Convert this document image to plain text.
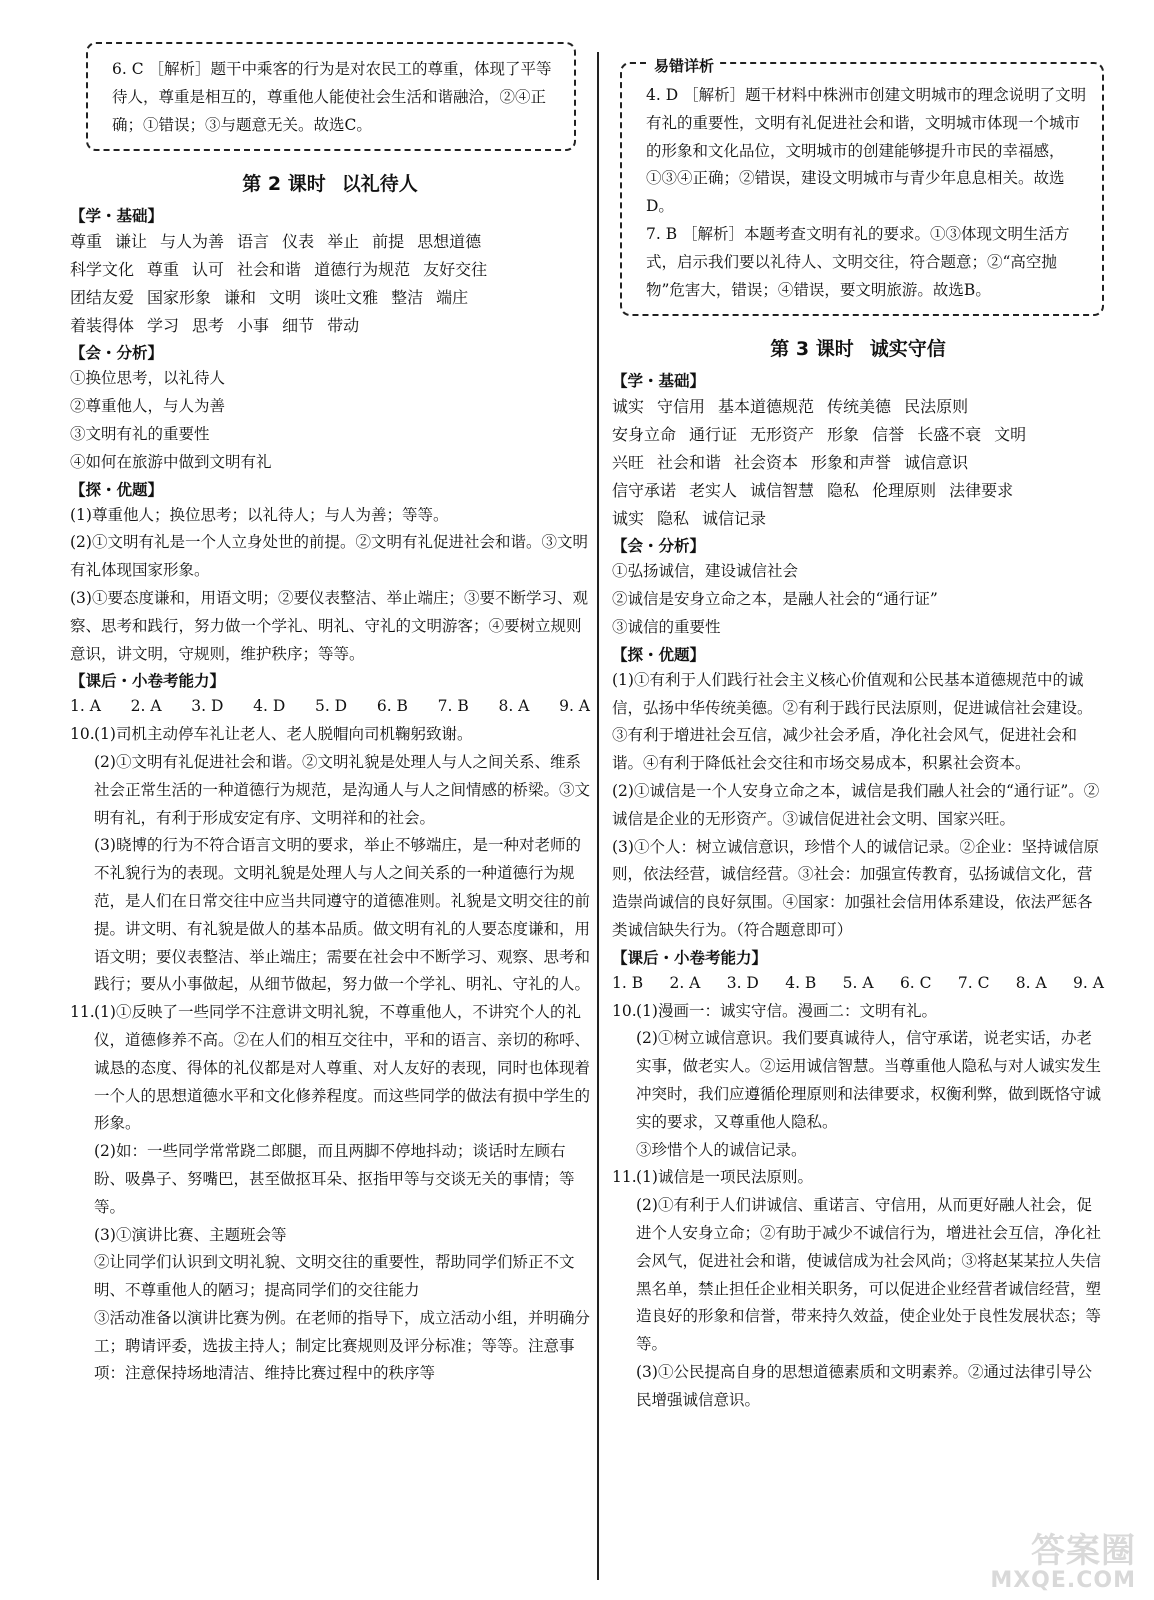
6. C ［解析］题干中乘客的行为是对农民工的尊重，体现了平等待人，尊重是相互的，尊重他人能使社会生活和谐融洽，②④正确；①错误；③与题意无关。故选C。
第 2 课时 以礼待人
【学・基础】
尊重 谦让 与人为善 语言 仪表 举止 前提 思想道德
科学文化 尊重 认可 社会和谐 道德行为规范 友好交往
团结友爱 国家形象 谦和 文明 谈吐文雅 整洁 端庄
着装得体 学习 思考 小事 细节 带动
【会・分析】
①换位思考，以礼待人
②尊重他人，与人为善
③文明有礼的重要性
④如何在旅游中做到文明有礼
【探・优题】
(1)尊重他人；换位思考；以礼待人；与人为善；等等。
(2)①文明有礼是一个人立身处世的前提。②文明有礼促进社会和谐。③文明有礼体现国家形象。
(3)①要态度谦和，用语文明；②要仪表整洁、举止端庄；③要不断学习、观察、思考和践行，努力做一个学礼、明礼、守礼的文明游客；④要树立规则意识，讲文明，守规则，维护秩序；等等。
【课后・小卷考能力】
1. A 2. A 3. D 4. D 5. D 6. B 7. B 8. A 9. A
10.(1)司机主动停车礼让老人、老人脱帽向司机鞠躬致谢。
(2)①文明有礼促进社会和谐。②文明礼貌是处理人与人之间关系、维系社会正常生活的一种道德行为规范，是沟通人与人之间情感的桥梁。③文明有礼，有利于形成安定有序、文明祥和的社会。
(3)晓博的行为不符合语言文明的要求，举止不够端庄，是一种对老师的不礼貌行为的表现。文明礼貌是处理人与人之间关系的一种道德行为规范，是人们在日常交往中应当共同遵守的道德准则。礼貌是文明交往的前提。讲文明、有礼貌是做人的基本品质。做文明有礼的人要态度谦和，用语文明；要仪表整洁、举止端庄；需要在社会中不断学习、观察、思考和践行；要从小事做起，从细节做起，努力做一个学礼、明礼、守礼的人。
11.(1)①反映了一些同学不注意讲文明礼貌，不尊重他人，不讲究个人的礼仪，道德修养不高。②在人们的相互交往中，平和的语言、亲切的称呼、诚恳的态度、得体的礼仪都是对人尊重、对人友好的表现，同时也体现着一个人的思想道德水平和文化修养程度。而这些同学的做法有损中学生的形象。
(2)如：一些同学常常跷二郎腿，而且两脚不停地抖动；谈话时左顾右盼、吸鼻子、努嘴巴，甚至做抠耳朵、抠指甲等与交谈无关的事情；等等。
(3)①演讲比赛、主题班会等
②让同学们认识到文明礼貌、文明交往的重要性，帮助同学们矫正不文明、不尊重他人的陋习；提高同学们的交往能力
③活动准备以演讲比赛为例。在老师的指导下，成立活动小组，并明确分工；聘请评委，选拔主持人；制定比赛规则及评分标准；等等。注意事项：注意保持场地清洁、维持比赛过程中的秩序等
易错详析
4. D ［解析］题干材料中株洲市创建文明城市的理念说明了文明有礼的重要性，文明有礼促进社会和谐，文明城市体现一个城市的形象和文化品位，文明城市的创建能够提升市民的幸福感，①③④正确；②错误，建设文明城市与青少年息息相关。故选D。
7. B ［解析］本题考查文明有礼的要求。①③体现文明生活方式，启示我们要以礼待人、文明交往，符合题意；②“高空抛物”危害大，错误；④错误，要文明旅游。故选B。
第 3 课时 诚实守信
【学・基础】
诚实 守信用 基本道德规范 传统美德 民法原则
安身立命 通行证 无形资产 形象 信誉 长盛不衰 文明
兴旺 社会和谐 社会资本 形象和声誉 诚信意识
信守承诺 老实人 诚信智慧 隐私 伦理原则 法律要求
诚实 隐私 诚信记录
【会・分析】
①弘扬诚信，建设诚信社会
②诚信是安身立命之本，是融人社会的“通行证”
③诚信的重要性
【探・优题】
(1)①有利于人们践行社会主义核心价值观和公民基本道德规范中的诚信，弘扬中华传统美德。②有利于践行民法原则，促进诚信社会建设。③有利于增进社会互信，减少社会矛盾，净化社会风气，促进社会和谐。④有利于降低社会交往和市场交易成本，积累社会资本。
(2)①诚信是一个人安身立命之本，诚信是我们融人社会的“通行证”。②诚信是企业的无形资产。③诚信促进社会文明、国家兴旺。
(3)①个人：树立诚信意识，珍惜个人的诚信记录。②企业：坚持诚信原则，依法经营，诚信经营。③社会：加强宣传教育，弘扬诚信文化，营造崇尚诚信的良好氛围。④国家：加强社会信用体系建设，依法严惩各类诚信缺失行为。（符合题意即可）
【课后・小卷考能力】
1. B 2. A 3. D 4. B 5. A 6. C 7. C 8. A 9. A
10.(1)漫画一：诚实守信。漫画二：文明有礼。
(2)①树立诚信意识。我们要真诚待人，信守承诺，说老实话，办老实事，做老实人。②运用诚信智慧。当尊重他人隐私与对人诚实发生冲突时，我们应遵循伦理原则和法律要求，权衡利弊，做到既恪守诚实的要求，又尊重他人隐私。
③珍惜个人的诚信记录。
11.(1)诚信是一项民法原则。
(2)①有利于人们讲诚信、重诺言、守信用，从而更好融人社会，促进个人安身立命；②有助于减少不诚信行为，增进社会互信，净化社会风气，促进社会和谐，使诚信成为社会风尚；③将赵某某拉人失信黑名单，禁止担任企业相关职务，可以促进企业经营者诚信经营，塑造良好的形象和信誉，带来持久效益，使企业处于良性发展状态；等等。
(3)①公民提高自身的思想道德素质和文明素养。②通过法律引导公民增强诚信意识。
答案圈
MXQE.COM
